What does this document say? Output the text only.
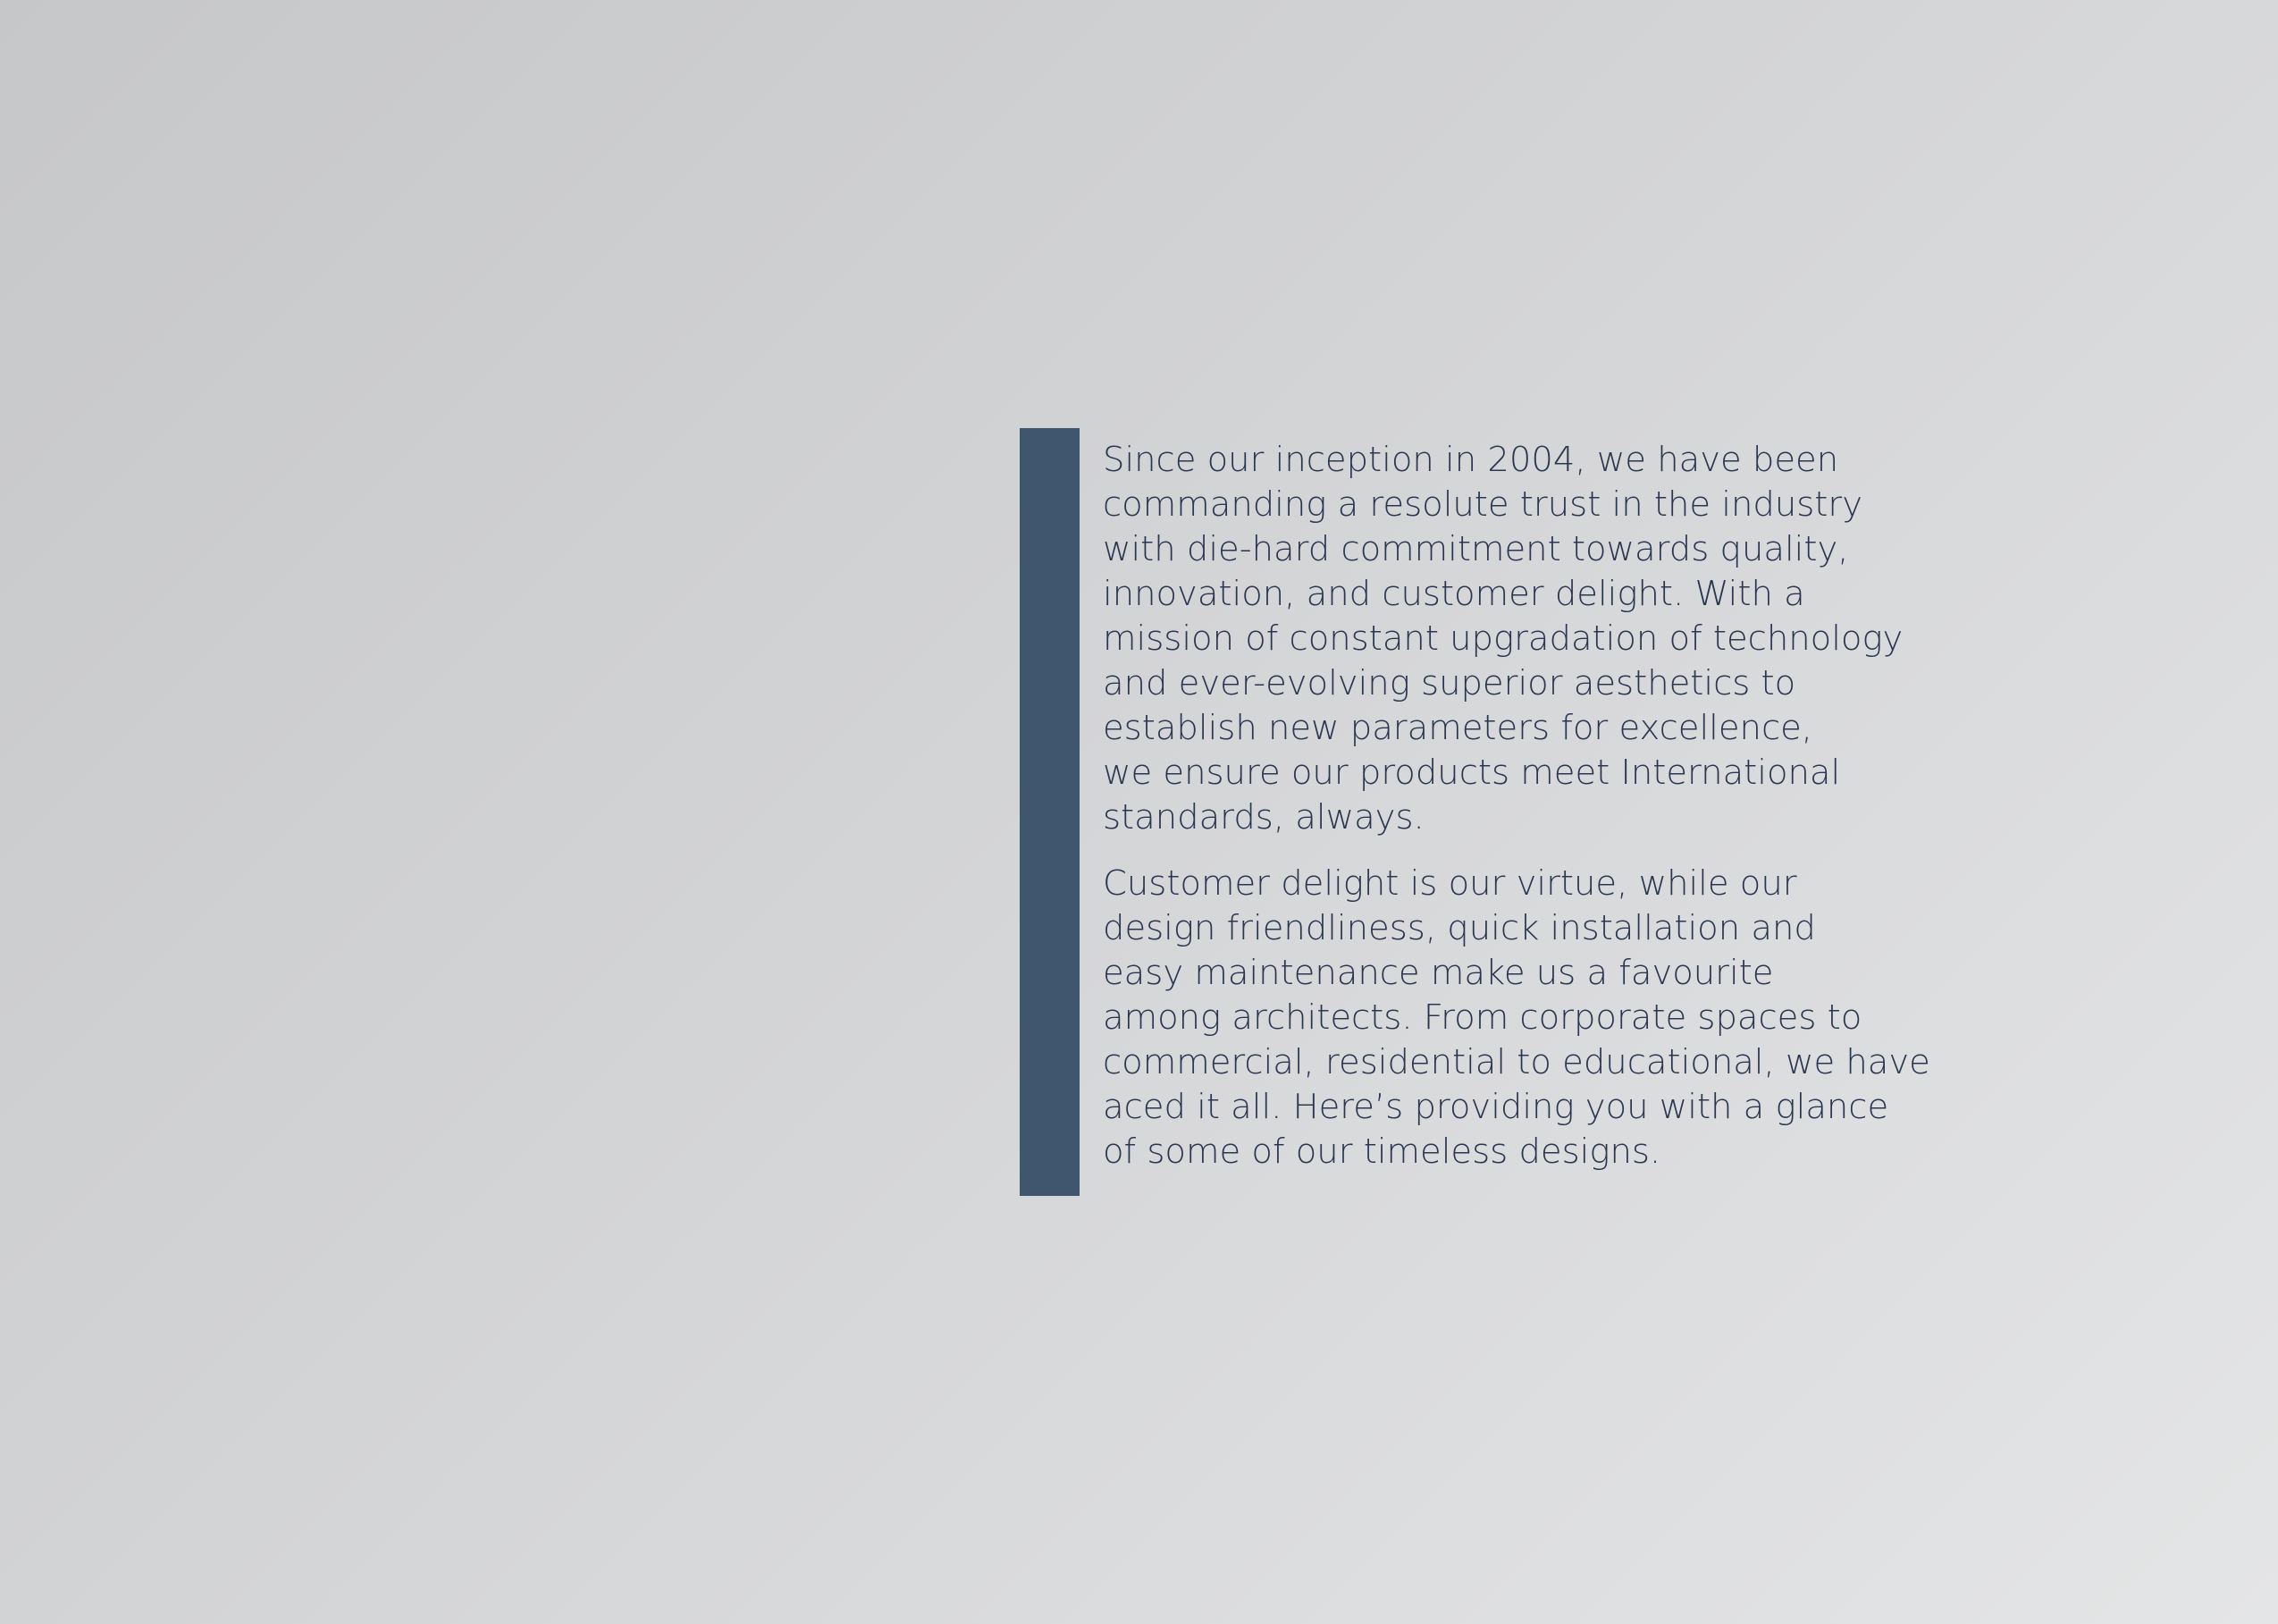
Since our inception in 2004, we have been
commanding a resolute trust in the industry
with die-hard commitment towards quality,
innovation, and customer delight. With a
mission of constant upgradation of technology
and ever-evolving superior aesthetics to
establish new parameters for excellence,
we ensure our products meet International
standards, always.

Customer delight is our virtue, while our
design friendliness, quick installation and
easy maintenance make us a favourite
among architects. From corporate spaces to
commercial, residential to educational, we have
aced it all. Here’s providing you with a glance
of some of our timeless designs.
